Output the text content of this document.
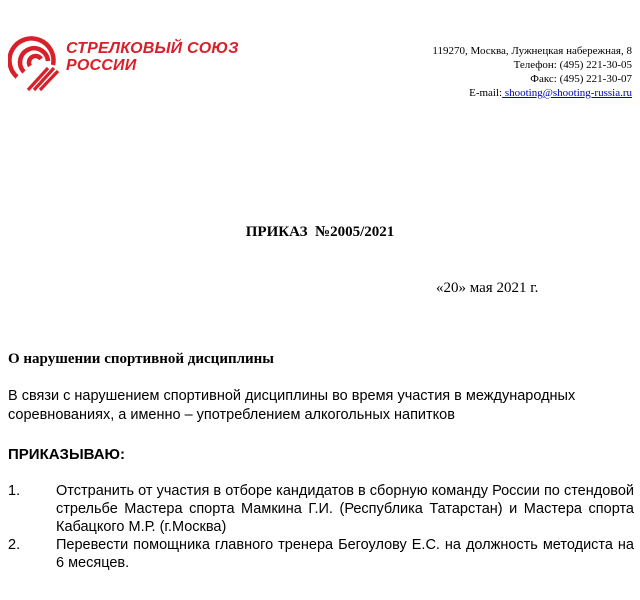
СТРЕЛКОВЫЙ СОЮЗ
РОССИИ
119270, Москва, Лужнецкая набережная, 8
Телефон: (495) 221-30-05
Факс: (495) 221-30-07
E-mail: shooting@shooting-russia.ru
ПРИКАЗ  №2005/2021
«20» мая 2021 г.
О нарушении спортивной дисциплины
В связи с нарушением спортивной дисциплины во время участия в международных соревнованиях, а именно – употреблением алкогольных напитков
ПРИКАЗЫВАЮ:
1.	Отстранить от участия в отборе кандидатов в сборную команду России по стендовой стрельбе Мастера спорта Мамкина Г.И. (Республика Татарстан) и Мастера спорта Кабацкого М.Р. (г.Москва)
2.	Перевести помощника главного тренера Бегоулову Е.С. на должность методиста на 6 месяцев.
